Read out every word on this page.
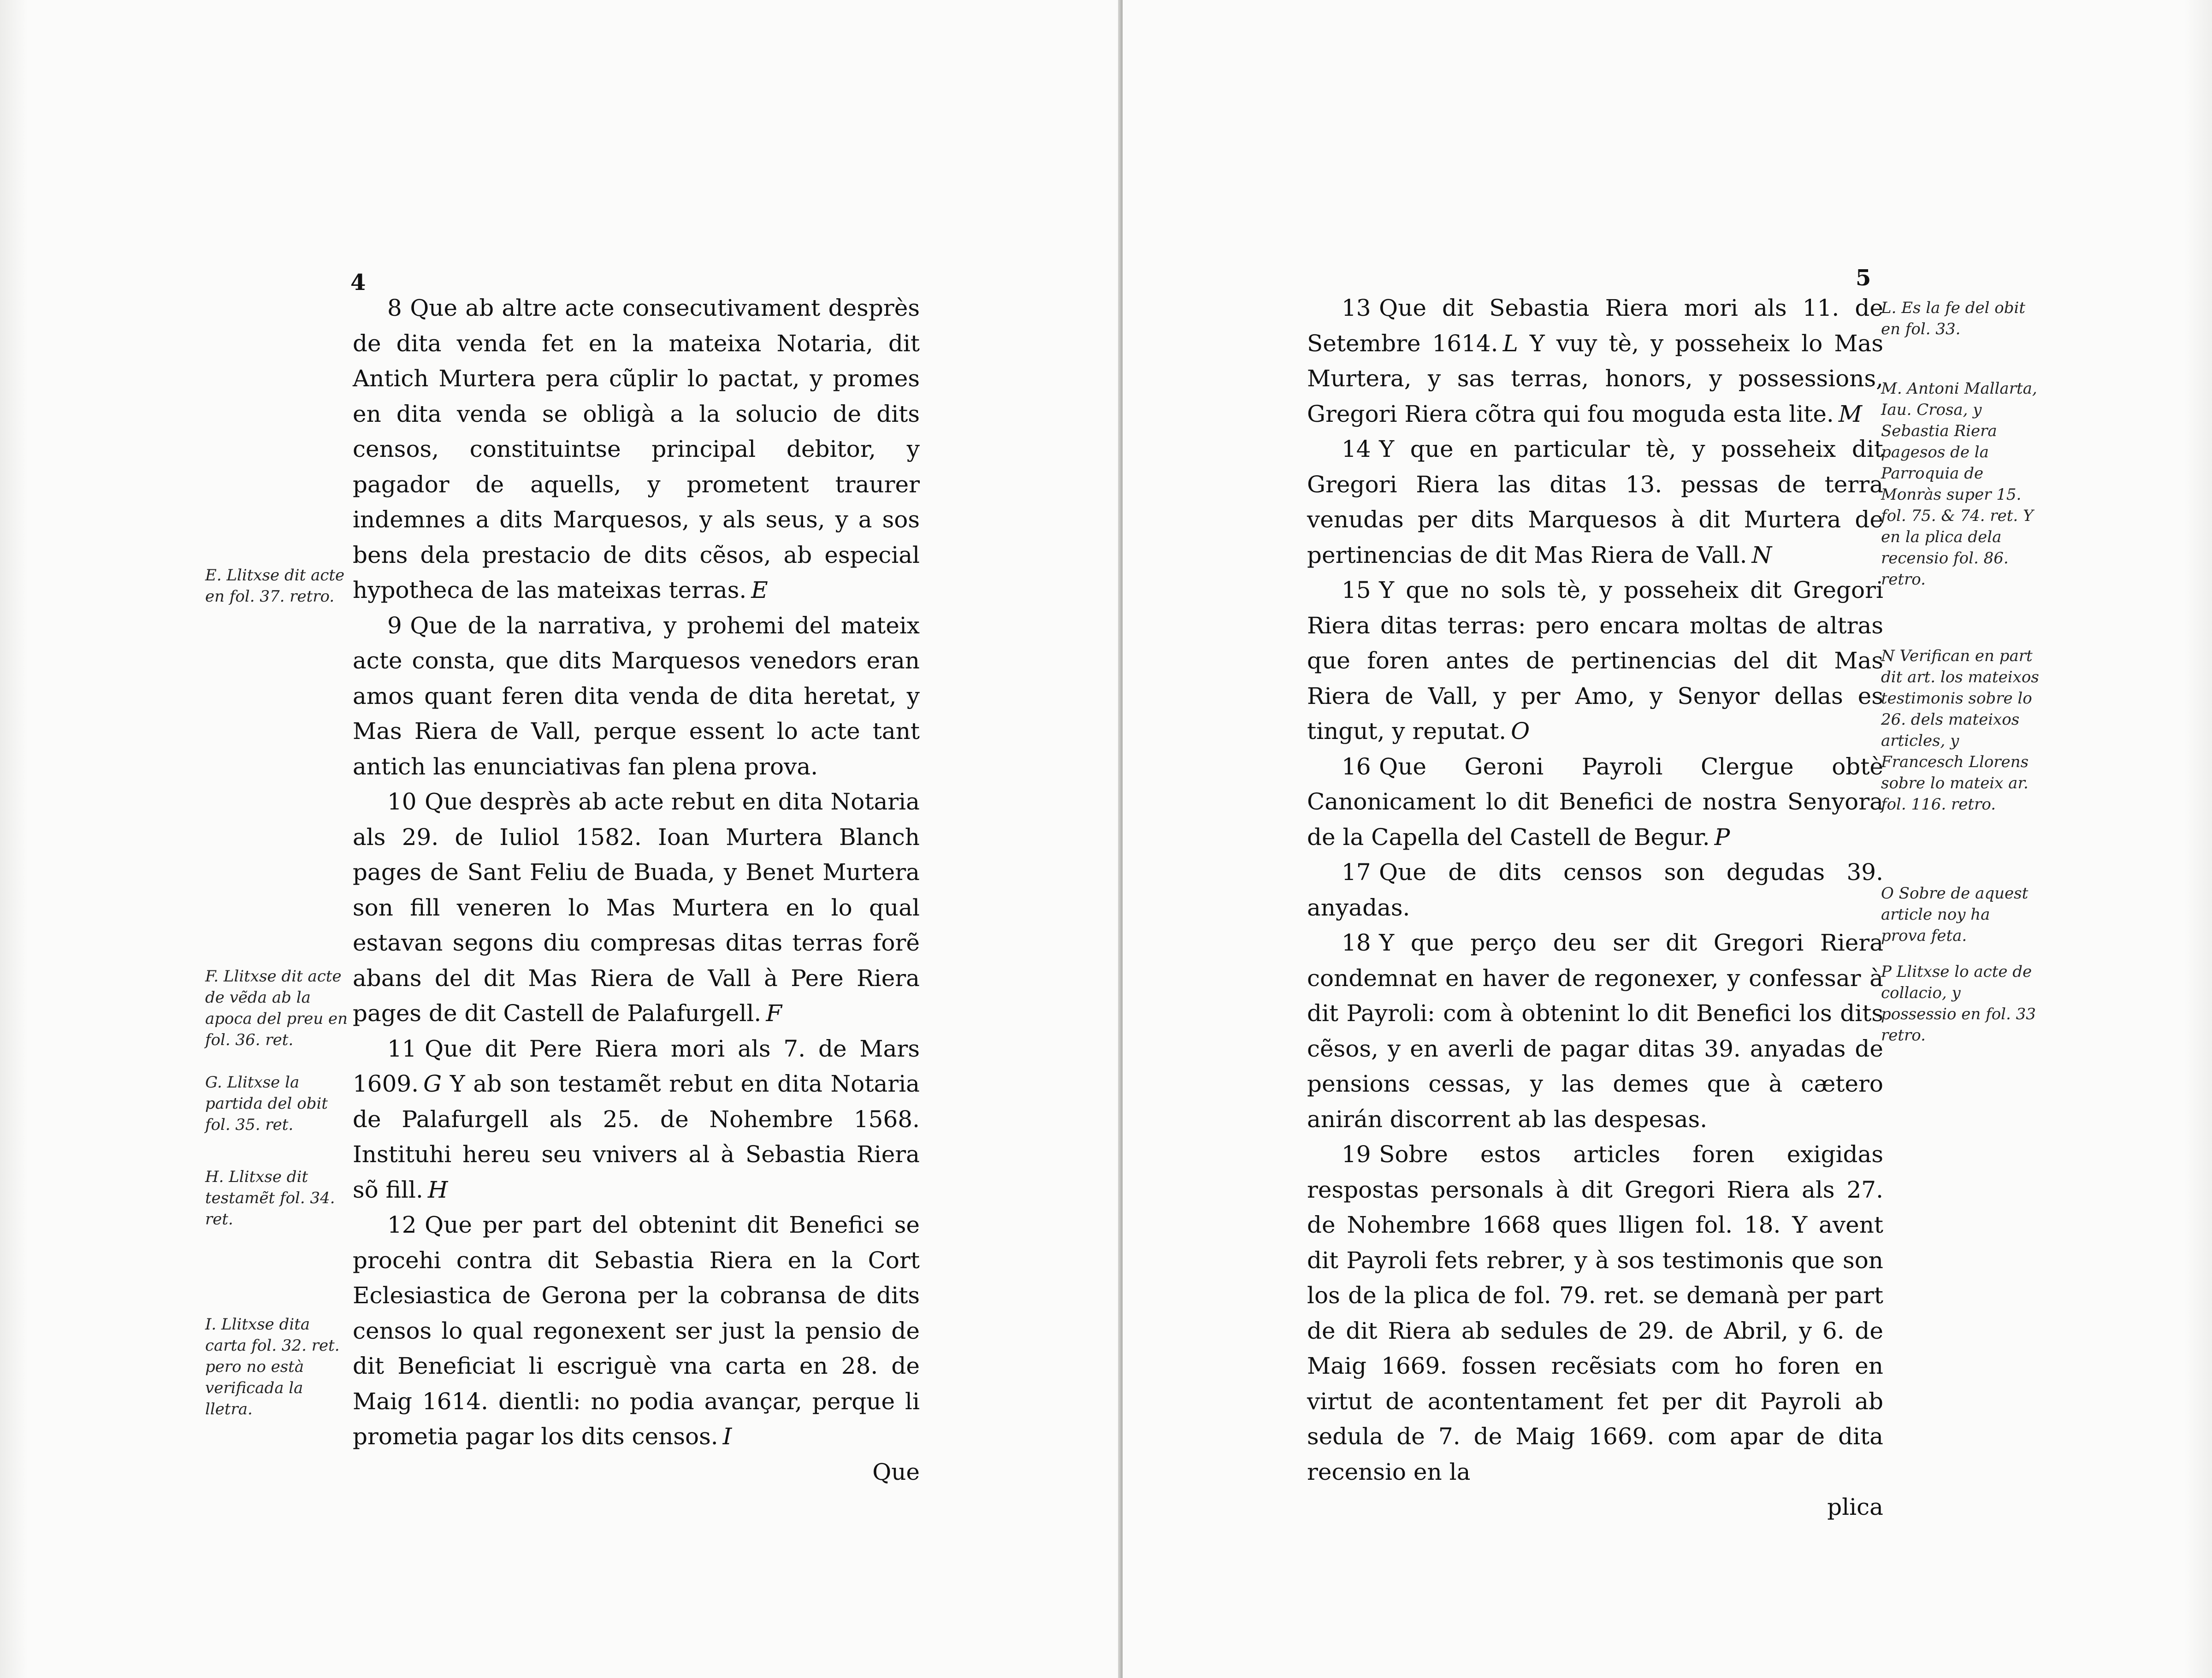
4

8 Que ab altre acte consecutivament desprès de dita venda fet en la mateixa Notaria, dit Antich Murtera pera cũplir lo pactat, y promes en dita venda se obligà a la solucio de dits censos, constituintse principal debitor, y pagador de aquells, y prometent traurer indemnes a dits Marquesos, y als seus, y a sos bens dela prestacio de dits cẽsos, ab especial hypotheca de las mateixas terras. E

9 Que de la narrativa, y prohemi del mateix acte consta, que dits Marquesos venedors eran amos quant feren dita venda de dita heretat, y Mas Riera de Vall, perque essent lo acte tant antich las enunciativas fan plena prova.

10 Que desprès ab acte rebut en dita Notaria als 29. de Iuliol 1582. Ioan Murtera Blanch pages de Sant Feliu de Buada, y Benet Murtera son fill veneren lo Mas Murtera en lo qual estavan segons diu compresas ditas terras forẽ abans del dit Mas Riera de Vall à Pere Riera pages de dit Castell de Palafurgell. F

11 Que dit Pere Riera mori als 7. de Mars 1609. G Y ab son testamẽt rebut en dita Notaria de Palafurgell als 25. de Nohembre 1568. Instituhi hereu seu vnivers al à Sebastia Riera sõ fill. H

12 Que per part del obtenint dit Benefici se procehi contra dit Sebastia Riera en la Cort Eclesiastica de Gerona per la cobransa de dits censos lo qual regonexent ser just la pensio de dit Beneficiat li escriguè vna carta en 28. de Maig 1614. dientli: no podia avançar, perque li prometia pagar los dits censos. I

Que

E. Llitxse dit acte en fol. 37. retro.

F. Llitxse dit acte de vẽda ab la apoca del preu en fol. 36. ret.

G. Llitxse la partida del obit fol. 35. ret.

H. Llitxse dit testamẽt fol. 34. ret.

I. Llitxse dita carta fol. 32. ret. pero no està verificada la lletra.

5

13 Que dit Sebastia Riera mori als 11. de Setembre 1614. L Y vuy tè, y posseheix lo Mas Murtera, y sas terras, honors, y possessions, Gregori Riera cõtra qui fou moguda esta lite. M

14 Y que en particular tè, y posseheix dit Gregori Riera las ditas 13. pessas de terra venudas per dits Marquesos à dit Murtera de pertinencias de dit Mas Riera de Vall. N

15 Y que no sols tè, y posseheix dit Gregori Riera ditas terras: pero encara moltas de altras que foren antes de pertinencias del dit Mas Riera de Vall, y per Amo, y Senyor dellas es tingut, y reputat. O

16 Que Geroni Payroli Clergue obtè Canonicament lo dit Benefici de nostra Senyora de la Capella del Castell de Begur. P

17 Que de dits censos son degudas 39. anyadas.

18 Y que perço deu ser dit Gregori Riera condemnat en haver de regonexer, y confessar à dit Payroli: com à obtenint lo dit Benefici los dits cẽsos, y en averli de pagar ditas 39. anyadas de pensions cessas, y las demes que à cætero anirán discorrent ab las despesas.

19 Sobre estos articles foren exigidas respostas personals à dit Gregori Riera als 27. de Nohembre 1668 ques lligen fol. 18. Y avent dit Payroli fets rebrer, y à sos testimonis que son los de la plica de fol. 79. ret. se demanà per part de dit Riera ab sedules de 29. de Abril, y 6. de Maig 1669. fossen recẽsiats com ho foren en virtut de acontentament fet per dit Payroli ab sedula de 7. de Maig 1669. com apar de dita recensio en la

plica

L. Es la fe del obit en fol. 33.

M. Antoni Mallarta, Iau. Crosa, y Sebastia Riera pagesos de la Parroquia de Monràs super 15. fol. 75. & 74. ret. Y en la plica dela recensio fol. 86. retro.

N Verifican en part dit art. los mateixos testimonis sobre lo 26. dels mateixos articles, y Francesch Llorens sobre lo mateix ar. fol. 116. retro.

O Sobre de aquest article noy ha prova feta.

P Llitxse lo acte de collacio, y possessio en fol. 33 retro.
